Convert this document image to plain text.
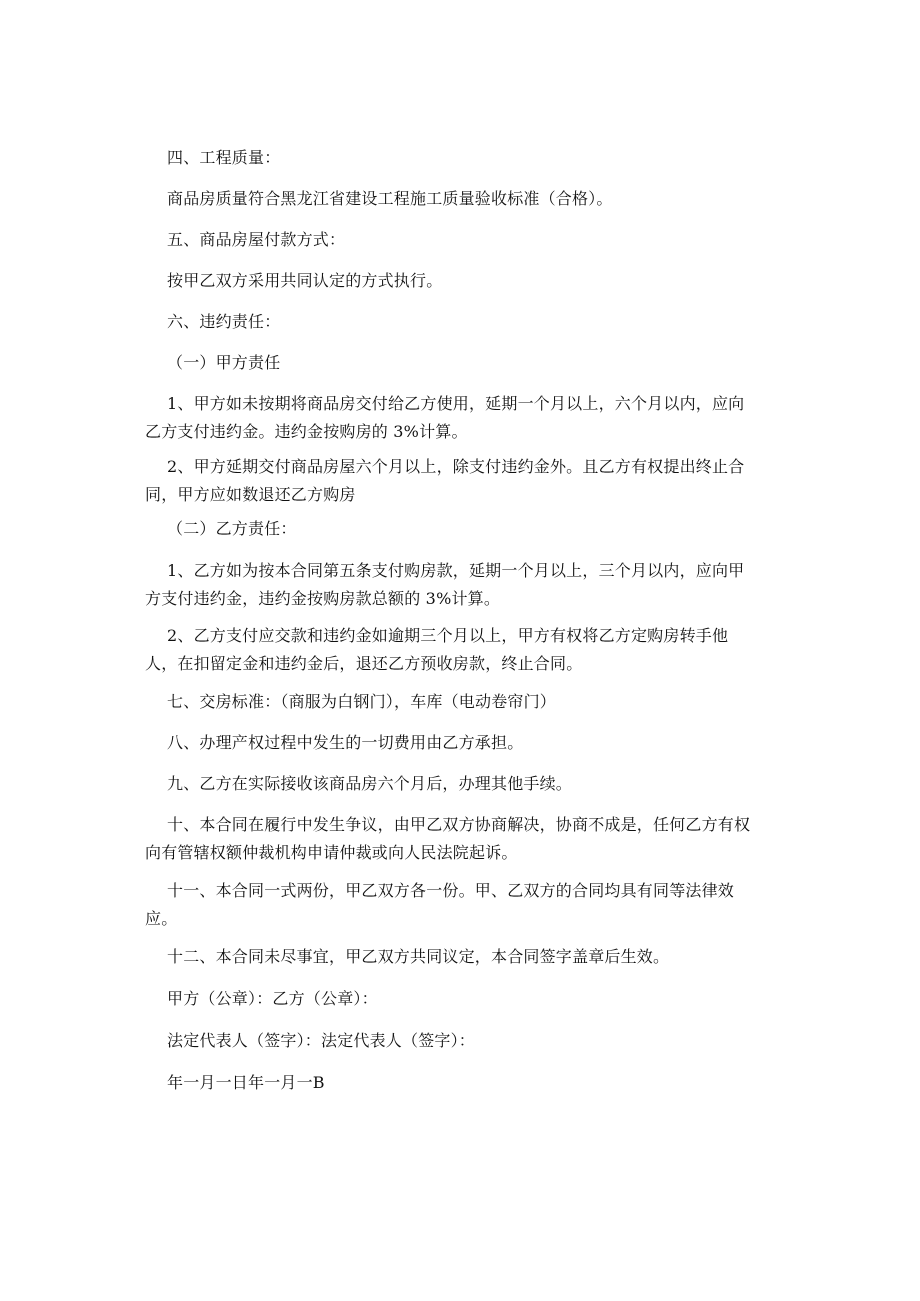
四、工程质量：
商品房质量符合黑龙江省建设工程施工质量验收标准（合格）。
五、商品房屋付款方式：
按甲乙双方采用共同认定的方式执行。
六、违约责任：
（一）甲方责任
1、甲方如未按期将商品房交付给乙方使用，延期一个月以上，六个月以内，应向
乙方支付违约金。违约金按购房的 3%计算。
2、甲方延期交付商品房屋六个月以上，除支付违约金外。且乙方有权提出终止合
同，甲方应如数退还乙方购房
（二）乙方责任：
1、乙方如为按本合同第五条支付购房款，延期一个月以上，三个月以内，应向甲
方支付违约金，违约金按购房款总额的 3%计算。
2、乙方支付应交款和违约金如逾期三个月以上，甲方有权将乙方定购房转手他
人，在扣留定金和违约金后，退还乙方预收房款，终止合同。
七、交房标准：（商服为白钢门），车库（电动卷帘门）
八、办理产权过程中发生的一切费用由乙方承担。
九、乙方在实际接收该商品房六个月后，办理其他手续。
十、本合同在履行中发生争议，由甲乙双方协商解决，协商不成是，任何乙方有权
向有管辖权额仲裁机构申请仲裁或向人民法院起诉。
十一、本合同一式两份，甲乙双方各一份。甲、乙双方的合同均具有同等法律效
应。
十二、本合同未尽事宜，甲乙双方共同议定，本合同签字盖章后生效。
甲方（公章）：乙方（公章）：
法定代表人（签字）：法定代表人（签字）：
年一月一日年一月一B
